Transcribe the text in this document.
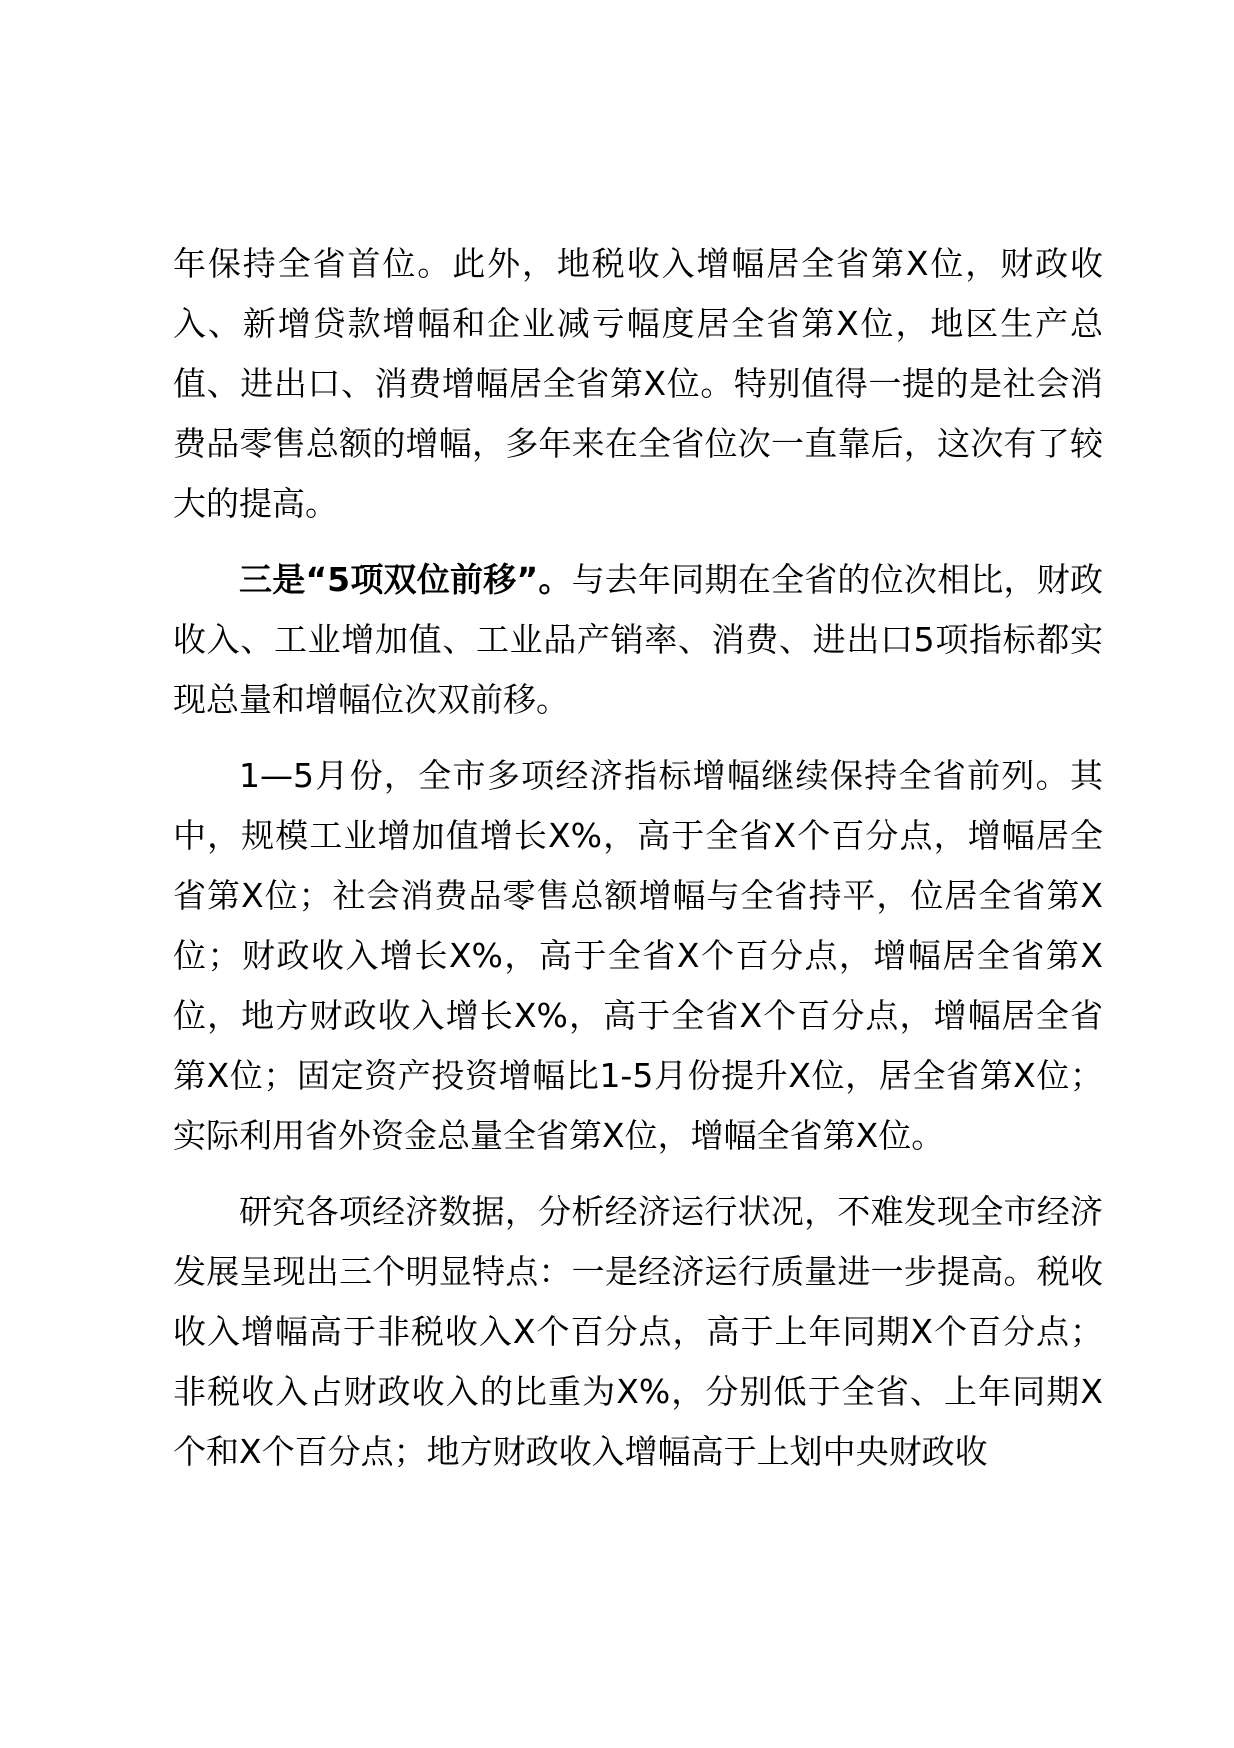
年保持全省首位。此外，地税收入增幅居全省第X位，财政收入、新增贷款增幅和企业减亏幅度居全省第X位，地区生产总值、进出口、消费增幅居全省第X位。特别值得一提的是社会消费品零售总额的增幅，多年来在全省位次一直靠后，这次有了较大的提高。

三是“5项双位前移”。与去年同期在全省的位次相比，财政收入、工业增加值、工业品产销率、消费、进出口5项指标都实现总量和增幅位次双前移。

1—5月份，全市多项经济指标增幅继续保持全省前列。其中，规模工业增加值增长X%，高于全省X个百分点，增幅居全省第X位；社会消费品零售总额增幅与全省持平，位居全省第X位；财政收入增长X%，高于全省X个百分点，增幅居全省第X位，地方财政收入增长X%，高于全省X个百分点，增幅居全省第X位；固定资产投资增幅比1-5月份提升X位，居全省第X位；实际利用省外资金总量全省第X位，增幅全省第X位。

研究各项经济数据，分析经济运行状况，不难发现全市经济发展呈现出三个明显特点：一是经济运行质量进一步提高。税收收入增幅高于非税收入X个百分点，高于上年同期X个百分点；非税收入占财政收入的比重为X%，分别低于全省、上年同期X个和X个百分点；地方财政收入增幅高于上划中央财政收
